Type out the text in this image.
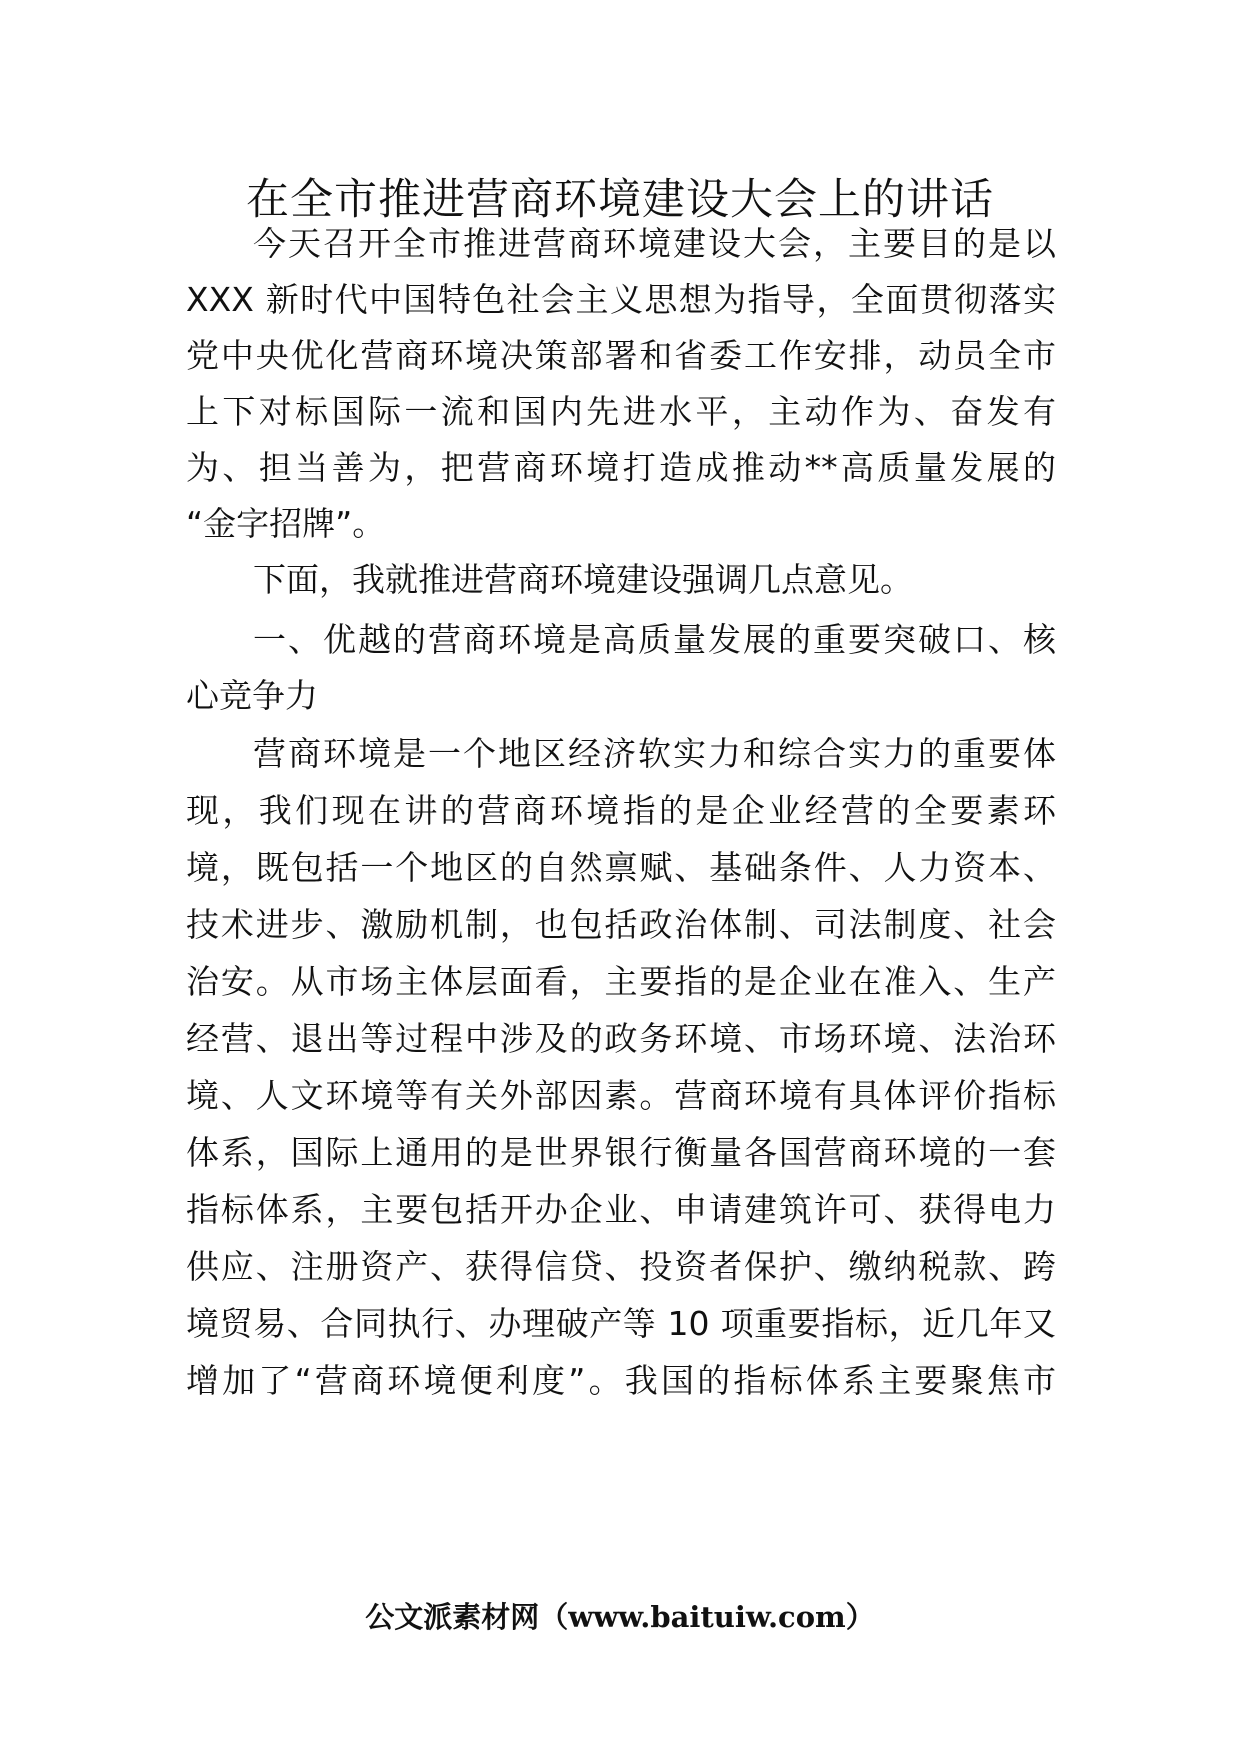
在全市推进营商环境建设大会上的讲话
今天召开全市推进营商环境建设大会，主要目的是以
XXX 新时代中国特色社会主义思想为指导，全面贯彻落实
党中央优化营商环境决策部署和省委工作安排，动员全市
上下对标国际一流和国内先进水平，主动作为、奋发有
为、担当善为，把营商环境打造成推动**高质量发展的
“金字招牌”。
下面，我就推进营商环境建设强调几点意见。
一、优越的营商环境是高质量发展的重要突破口、核
心竞争力
营商环境是一个地区经济软实力和综合实力的重要体
现，我们现在讲的营商环境指的是企业经营的全要素环
境，既包括一个地区的自然禀赋、基础条件、人力资本、
技术进步、激励机制，也包括政治体制、司法制度、社会
治安。从市场主体层面看，主要指的是企业在准入、生产
经营、退出等过程中涉及的政务环境、市场环境、法治环
境、人文环境等有关外部因素。营商环境有具体评价指标
体系，国际上通用的是世界银行衡量各国营商环境的一套
指标体系，主要包括开办企业、申请建筑许可、获得电力
供应、注册资产、获得信贷、投资者保护、缴纳税款、跨
境贸易、合同执行、办理破产等 10 项重要指标，近几年又
增加了“营商环境便利度”。我国的指标体系主要聚焦市
公文派素材网（www.baituiw.com）
